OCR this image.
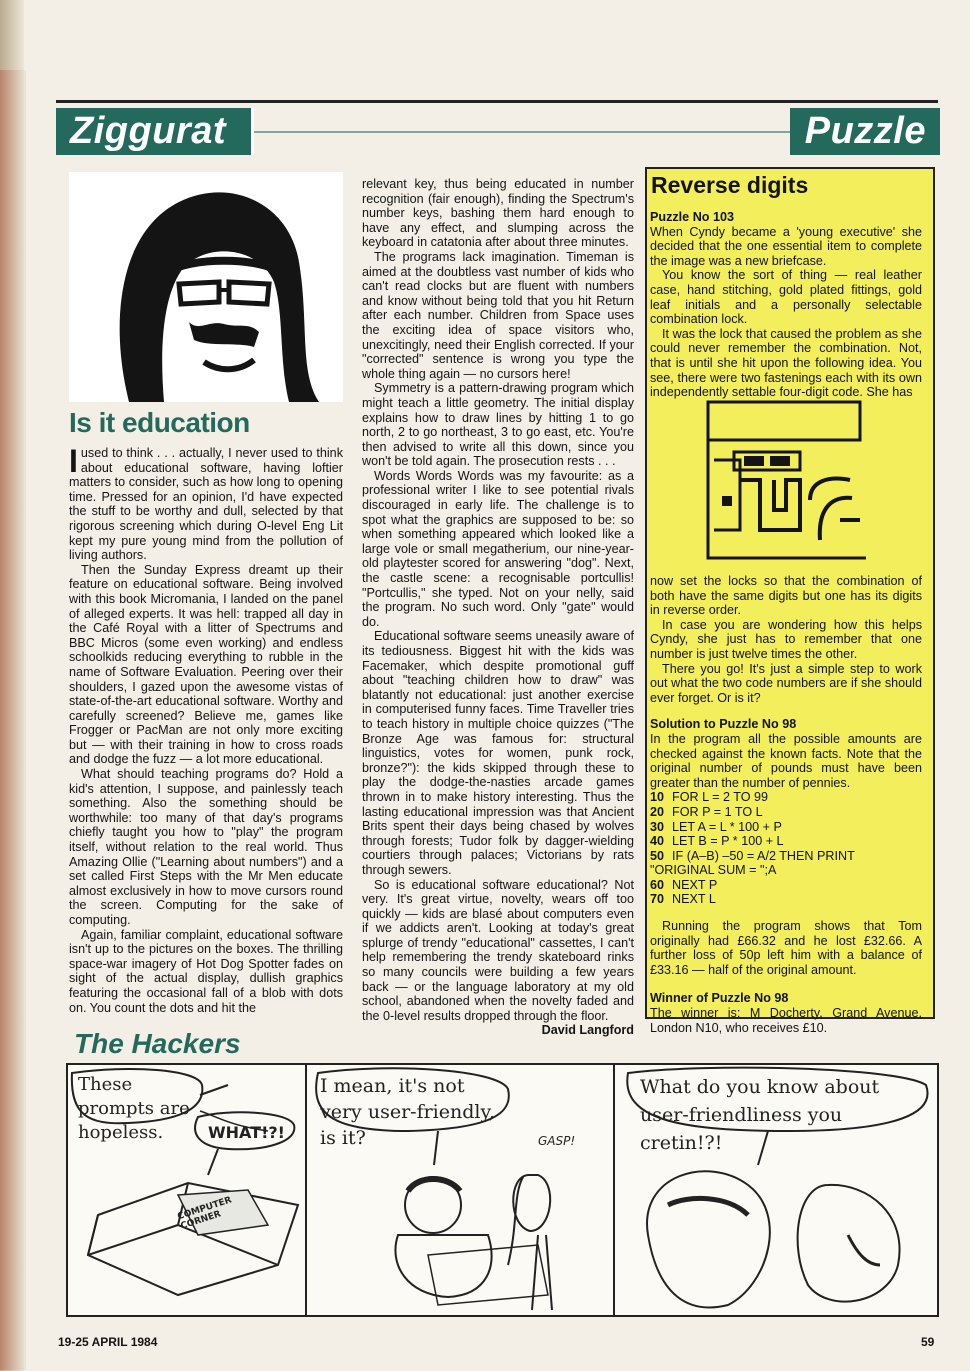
Ziggurat	Puzzle
Is it education

Iused to think . . . actually, I never used to think about educational software, having loftier matters to consider, such as how long to opening time. Pressed for an opinion, I'd have expected the stuff to be worthy and dull, selected by that rigorous screening which during O-level Eng Lit kept my pure young mind from the pollution of living authors.

Then the Sunday Express dreamt up their feature on educational software. Being involved with this book Micromania, I landed on the panel of alleged experts. It was hell: trapped all day in the Café Royal with a litter of Spectrums and BBC Micros (some even working) and endless schoolkids reducing everything to rubble in the name of Software Evaluation. Peering over their shoulders, I gazed upon the awesome vistas of state-of-the-art educational software. Worthy and carefully screened? Believe me, games like Frogger or PacMan are not only more exciting but — with their training in how to cross roads and dodge the fuzz — a lot more educational.

What should teaching programs do? Hold a kid's attention, I suppose, and painlessly teach something. Also the something should be worthwhile: too many of that day's programs chiefly taught you how to "play" the program itself, without relation to the real world. Thus Amazing Ollie ("Learning about numbers") and a set called First Steps with the Mr Men educate almost exclusively in how to move cursors round the screen. Computing for the sake of computing.

Again, familiar complaint, educational software isn't up to the pictures on the boxes. The thrilling space-war imagery of Hot Dog Spotter fades on sight of the actual display, dullish graphics featuring the occasional fall of a blob with dots on. You count the dots and hit the

relevant key, thus being educated in number recognition (fair enough), finding the Spectrum's number keys, bashing them hard enough to have any effect, and slumping across the keyboard in catatonia after about three minutes.

The programs lack imagination. Timeman is aimed at the doubtless vast number of kids who can't read clocks but are fluent with numbers and know without being told that you hit Return after each number. Children from Space uses the exciting idea of space visitors who, unexcitingly, need their English corrected. If your "corrected" sentence is wrong you type the whole thing again — no cursors here!

Symmetry is a pattern-drawing program which might teach a little geometry. The initial display explains how to draw lines by hitting 1 to go north, 2 to go northeast, 3 to go east, etc. You're then advised to write all this down, since you won't be told again. The prosecution rests . . .

Words Words Words was my favourite: as a professional writer I like to see potential rivals discouraged in early life. The challenge is to spot what the graphics are supposed to be: so when something appeared which looked like a large vole or small megatherium, our nine-year-old playtester scored for answering "dog". Next, the castle scene: a recognisable portcullis! "Portcullis," she typed. Not on your nelly, said the program. No such word. Only "gate" would do.

Educational software seems uneasily aware of its tediousness. Biggest hit with the kids was Facemaker, which despite promotional guff about "teaching children how to draw" was blatantly not educational: just another exercise in computerised funny faces. Time Traveller tries to teach history in multiple choice quizzes ("The Bronze Age was famous for: structural linguistics, votes for women, punk rock, bronze?"): the kids skipped through these to play the dodge-the-nasties arcade games thrown in to make history interesting. Thus the lasting educational impression was that Ancient Brits spent their days being chased by wolves through forests; Tudor folk by dagger-wielding courtiers through palaces; Victorians by rats through sewers.

So is educational software educational? Not very. It's great virtue, novelty, wears off too quickly — kids are blasé about computers even if we addicts aren't. Looking at today's great splurge of trendy "educational" cassettes, I can't help remembering the trendy skateboard rinks so many councils were building a few years back — or the language laboratory at my old school, abandoned when the novelty faded and the 0-level results dropped through the floor.

David Langford

Reverse digits

Puzzle No 103

When Cyndy became a 'young executive' she decided that the one essential item to complete the image was a new briefcase.

You know the sort of thing — real leather case, hand stitching, gold plated fittings, gold leaf initials and a personally selectable combination lock.

It was the lock that caused the problem as she could never remember the combination. Not, that is until she hit upon the following idea. You see, there were two fastenings each with its own independently settable four-digit code. She has

now set the locks so that the combination of both have the same digits but one has its digits in reverse order.

In case you are wondering how this helps Cyndy, she just has to remember that one number is just twelve times the other.

There you go! It's just a simple step to work out what the two code numbers are if she should ever forget. Or is it?

Solution to Puzzle No 98

In the program all the possible amounts are checked against the known facts. Note that the original number of pounds must have been greater than the number of pennies.

10 FOR L = 2 TO 99

20 FOR P = 1 TO L

30 LET A = L * 100 + P

40 LET B = P * 100 + L

50 IF (A–B) –50 = A/2 THEN PRINT "ORIGINAL SUM = ";A

60 NEXT P

70 NEXT L

Running the program shows that Tom originally had £66.32 and he lost £32.66. A further loss of 50p left him with a balance of £33.16 — half of the original amount.

Winner of Puzzle No 98

The winner is: M Docherty, Grand Avenue, London N10, who receives £10.

The Hackers
These prompts are hopeless.	WHAT!?!
COMPUTER CORNER
I mean, it's not very user-friendly, is it?	GASP!
What do you know about user-friendliness you cretin!?!
19-25 APRIL 1984	59
